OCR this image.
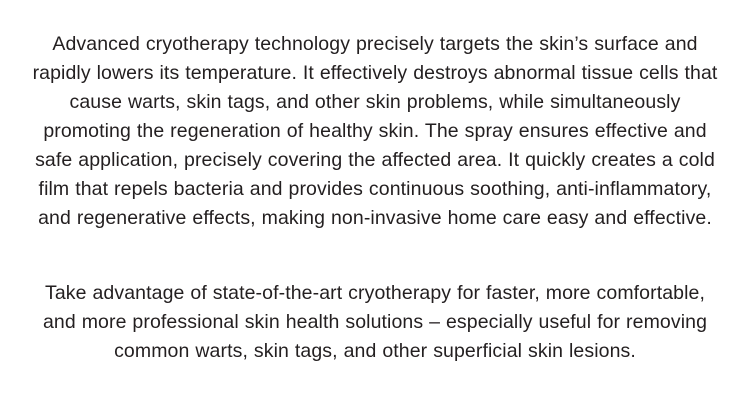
Advanced cryotherapy technology precisely targets the skin’s surface and rapidly lowers its temperature. It effectively destroys abnormal tissue cells that cause warts, skin tags, and other skin problems, while simultaneously promoting the regeneration of healthy skin. The spray ensures effective and safe application, precisely covering the affected area. It quickly creates a cold film that repels bacteria and provides continuous soothing, anti-inflammatory, and regenerative effects, making non-invasive home care easy and effective.

Take advantage of state-of-the-art cryotherapy for faster, more comfortable, and more professional skin health solutions – especially useful for removing common warts, skin tags, and other superficial skin lesions.
